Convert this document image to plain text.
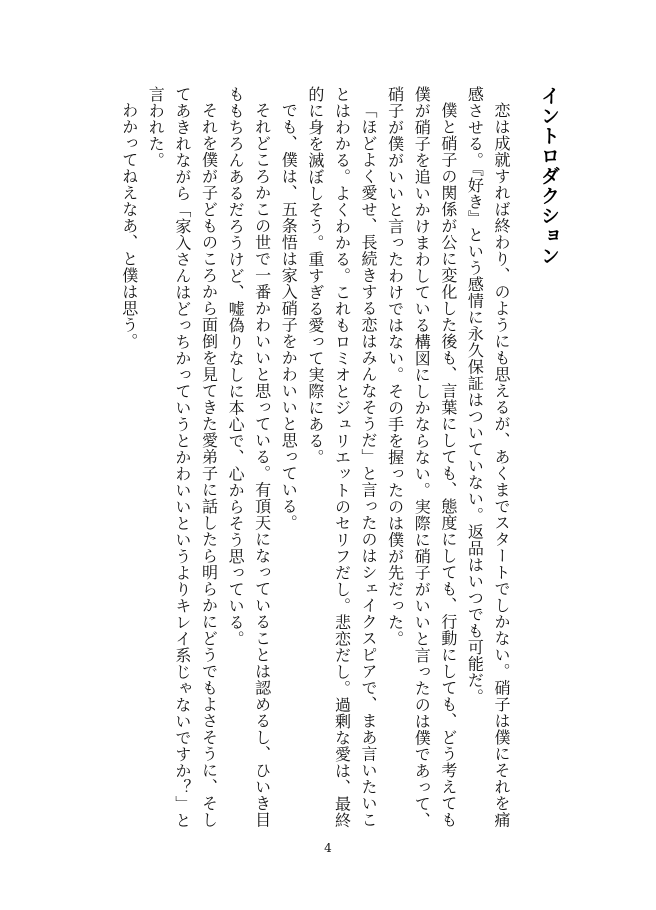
イントロダクション

恋は成就すれば終わり、のようにも思えるが、あくまでスタートでしかない。硝子は僕にそれを痛感させる。『好き』という感情に永久保証はついていない。返品はいつでも可能だ。

僕と硝子の関係が公に変化した後も、言葉にしても、態度にしても、行動にしても、どう考えても僕が硝子を追いかけまわしている構図にしかならない。実際に硝子がいいと言ったのは僕であって、硝子が僕がいいと言ったわけではない。その手を握ったのは僕が先だった。

「ほどよく愛せ、長続きする恋はみんなそうだ」と言ったのはシェイクスピアで、まあ言いたいことはわかる。よくわかる。これもロミオとジュリエットのセリフだし。悲恋だし。過剰な愛は、最終的に身を滅ぼしそう。重すぎる愛って実際にある。

でも、僕は、五条悟は家入硝子をかわいいと思っている。

それどころかこの世で一番かわいいと思っている。有頂天になっていることは認めるし、ひいき目ももちろんあるだろうけど、嘘偽りなしに本心で、心からそう思っている。

それを僕が子どものころから面倒を見てきた愛弟子に話したら明らかにどうでもよさそうに、そしてあきれながら「家入さんはどっちかっていうとかわいいというよりキレイ系じゃないですか？」と言われた。

わかってねえなあ、と僕は思う。

4
